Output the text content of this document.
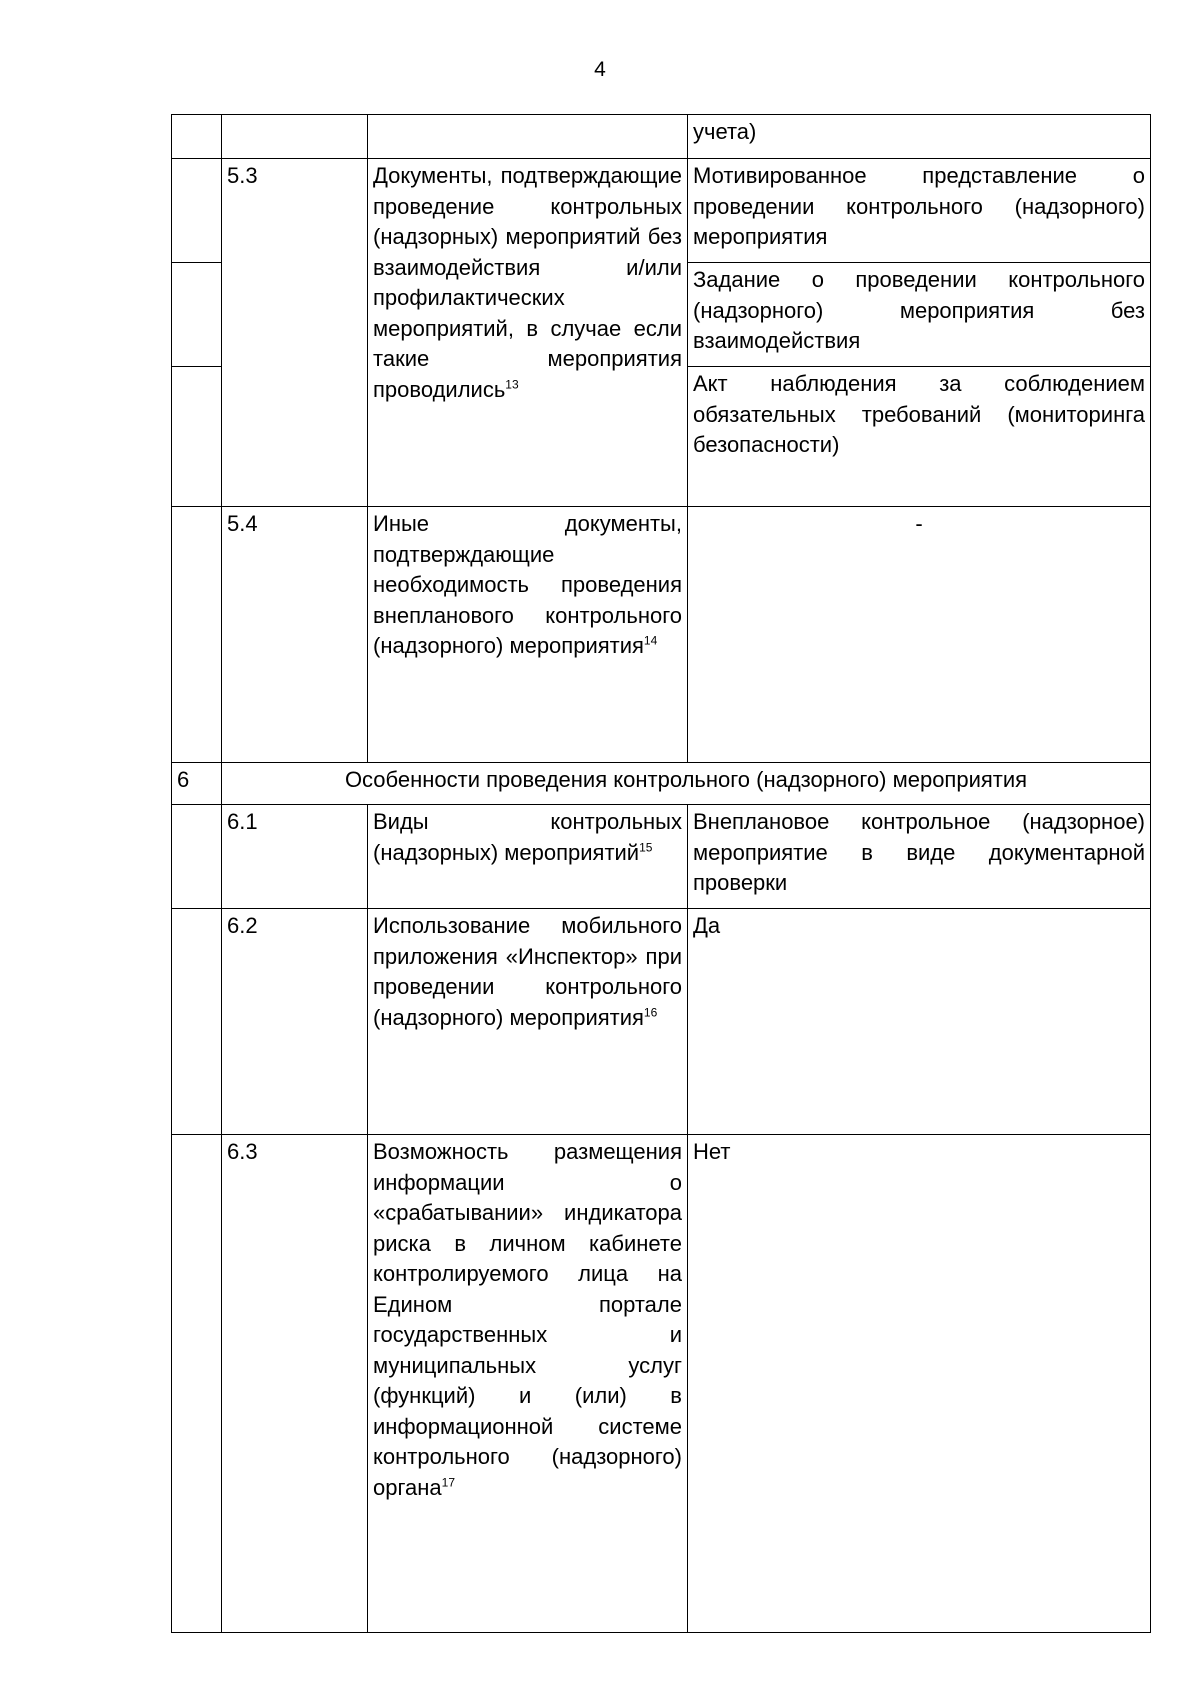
4
			учета)
	5.3	Документы, подтверждающие проведение контрольных (надзорных) мероприятий без взаимодействия и/или профилактических мероприятий, в случае если такие мероприятия проводились$^{13}$	Мотивированное представление о проведении контрольного (надзорного) мероприятия
			Задание о проведении контрольного (надзорного) мероприятия без взаимодействия
			Акт наблюдения за соблюдением обязательных требований (мониторинга безопасности)
	5.4	Иные документы, подтверждающие необходимость проведения внепланового контрольного (надзорного) мероприятия$^{14}$	-
6	Особенности проведения контрольного (надзорного) мероприятия		
	6.1	Виды контрольных (надзорных) мероприятий$^{15}$	Внеплановое контрольное (надзорное) мероприятие в виде документарной проверки
	6.2	Использование мобильного приложения «Инспектор» при проведении контрольного (надзорного) мероприятия$^{16}$	Да
	6.3	Возможность размещения информации о «срабатывании» индикатора риска в личном кабинете контролируемого лица на Едином портале государственных и муниципальных услуг (функций) и (или) в информационной системе контрольного (надзорного) органа$^{17}$	Нет
